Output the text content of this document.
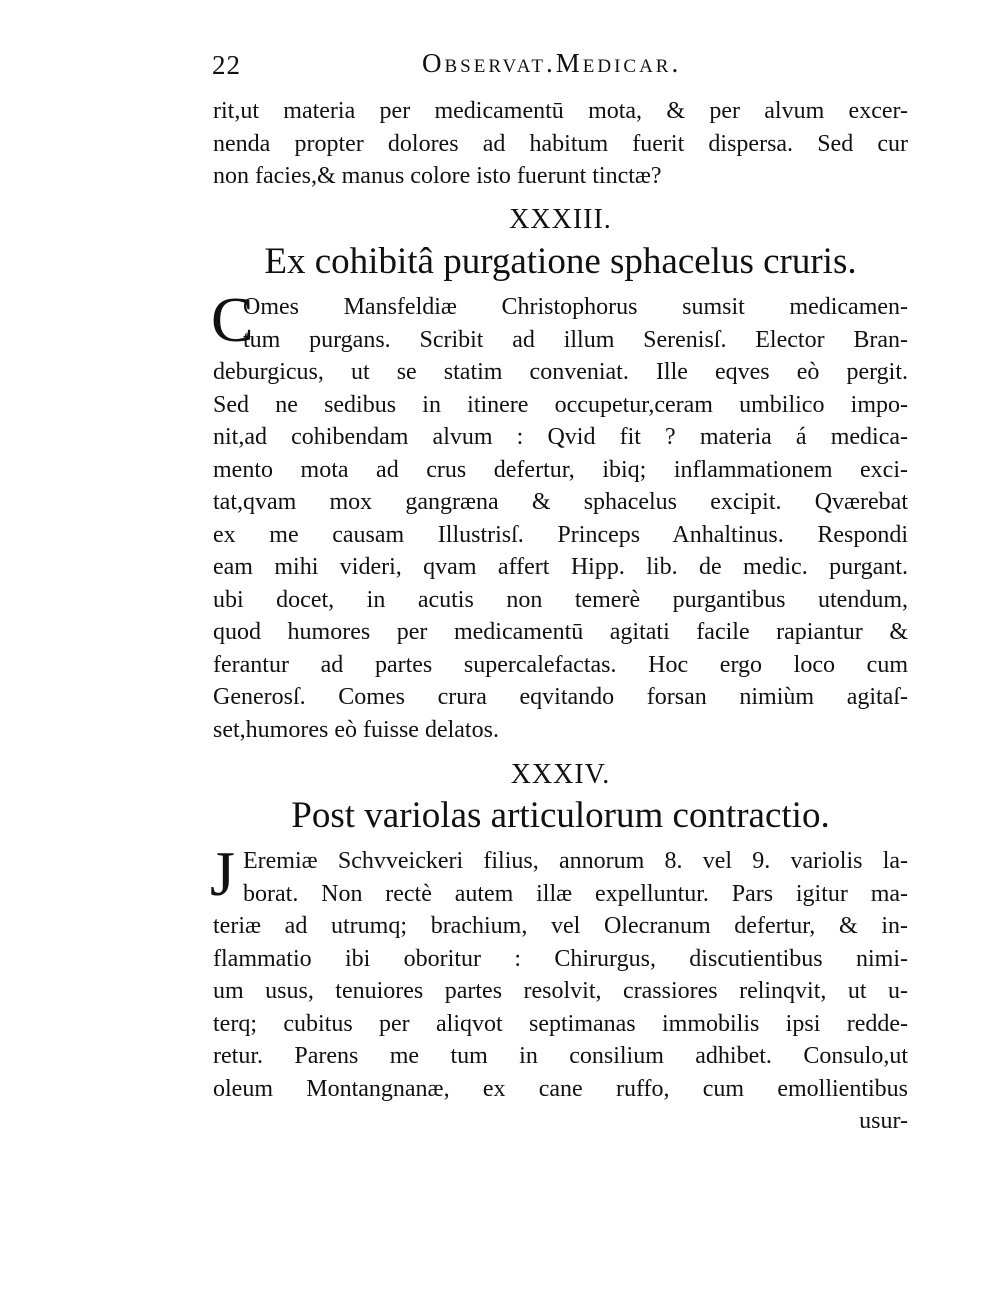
22	Observat.Medicar.
rit,ut materia per medicamentū mota, & per alvum excer-
nenda propter dolores ad habitum fuerit dispersa. Sed cur
non facies,& manus colore isto fuerunt tinctæ?
XXXIII.
Ex cohibitâ purgatione sphacelus cruris.
C
Omes Mansfeldiæ Christophorus sumsit medicamen-
tum purgans. Scribit ad illum Serenisſ. Elector Bran-
deburgicus, ut se statim conveniat. Ille eqves eò pergit.
Sed ne sedibus in itinere occupetur,ceram umbilico impo-
nit,ad cohibendam alvum : Qvid fit ? materia á medica-
mento mota ad crus defertur, ibiq; inflammationem exci-
tat,qvam mox gangræna & sphacelus excipit. Qværebat
ex me causam Illustrisſ. Princeps Anhaltinus. Respondi
eam mihi videri, qvam affert Hipp. lib. de medic. purgant.
ubi docet, in acutis non temerè purgantibus utendum,
quod humores per medicamentū agitati facile rapiantur &
ferantur ad partes supercalefactas. Hoc ergo loco cum
Generosſ. Comes crura eqvitando forsan nimiùm agitaſ-
set,humores eò fuisse delatos.
XXXIV.
Post variolas articulorum contractio.
J Eremiæ Schvveickeri filius, annorum 8. vel 9. variolis la-
borat. Non rectè autem illæ expelluntur. Pars igitur ma-
teriæ ad utrumq; brachium, vel Olecranum defertur, & in-
flammatio ibi oboritur : Chirurgus, discutientibus nimi-
um usus, tenuiores partes resolvit, crassiores relinqvit, ut u-
terq; cubitus per aliqvot septimanas immobilis ipsi redde-
retur. Parens me tum in consilium adhibet. Consulo,ut
oleum Montangnanæ, ex cane ruffo, cum emollientibus
usur-
